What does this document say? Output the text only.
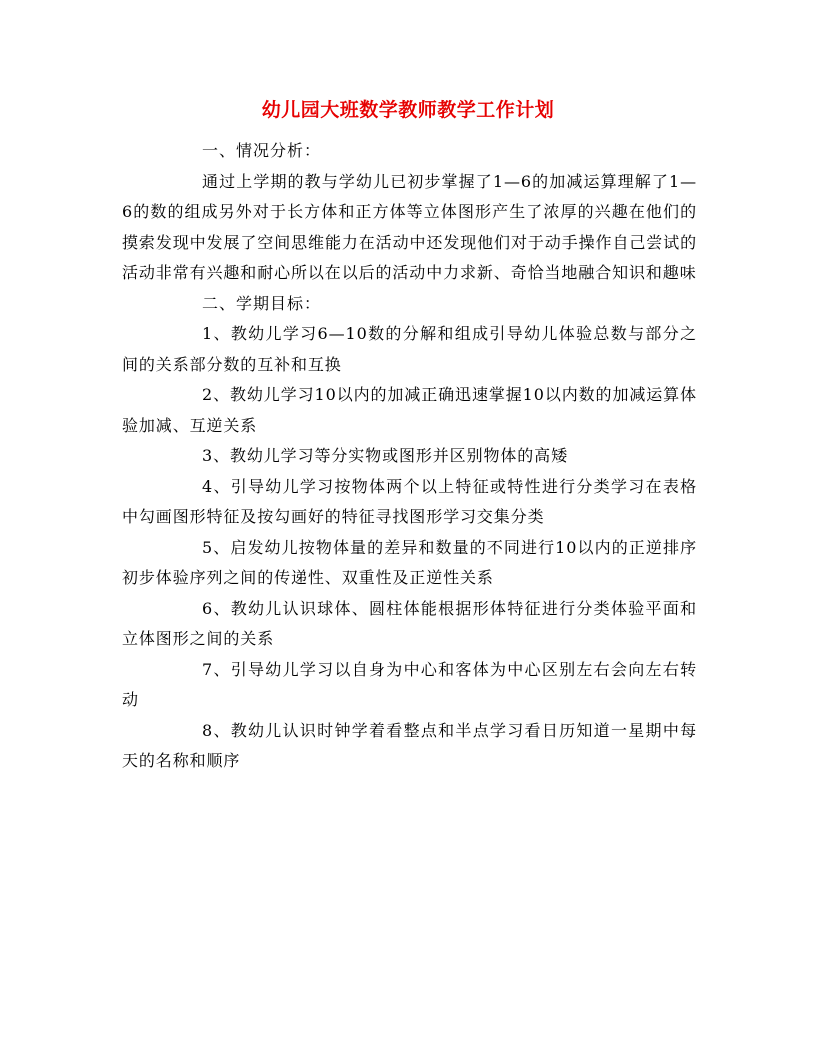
幼儿园大班数学教师教学工作计划

一、情况分析：

通过上学期的教与学幼儿已初步掌握了1—6的加减运算理解了1—6的数的组成另外对于长方体和正方体等立体图形产生了浓厚的兴趣在他们的摸索发现中发展了空间思维能力在活动中还发现他们对于动手操作自己尝试的活动非常有兴趣和耐心所以在以后的活动中力求新、奇恰当地融合知识和趣味

二、学期目标：

1、教幼儿学习6—10数的分解和组成引导幼儿体验总数与部分之间的关系部分数的互补和互换

2、教幼儿学习10以内的加减正确迅速掌握10以内数的加减运算体验加减、互逆关系

3、教幼儿学习等分实物或图形并区别物体的高矮

4、引导幼儿学习按物体两个以上特征或特性进行分类学习在表格中勾画图形特征及按勾画好的特征寻找图形学习交集分类

5、启发幼儿按物体量的差异和数量的不同进行10以内的正逆排序初步体验序列之间的传递性、双重性及正逆性关系

6、教幼儿认识球体、圆柱体能根据形体特征进行分类体验平面和立体图形之间的关系

7、引导幼儿学习以自身为中心和客体为中心区别左右会向左右转动

8、教幼儿认识时钟学着看整点和半点学习看日历知道一星期中每天的名称和顺序
